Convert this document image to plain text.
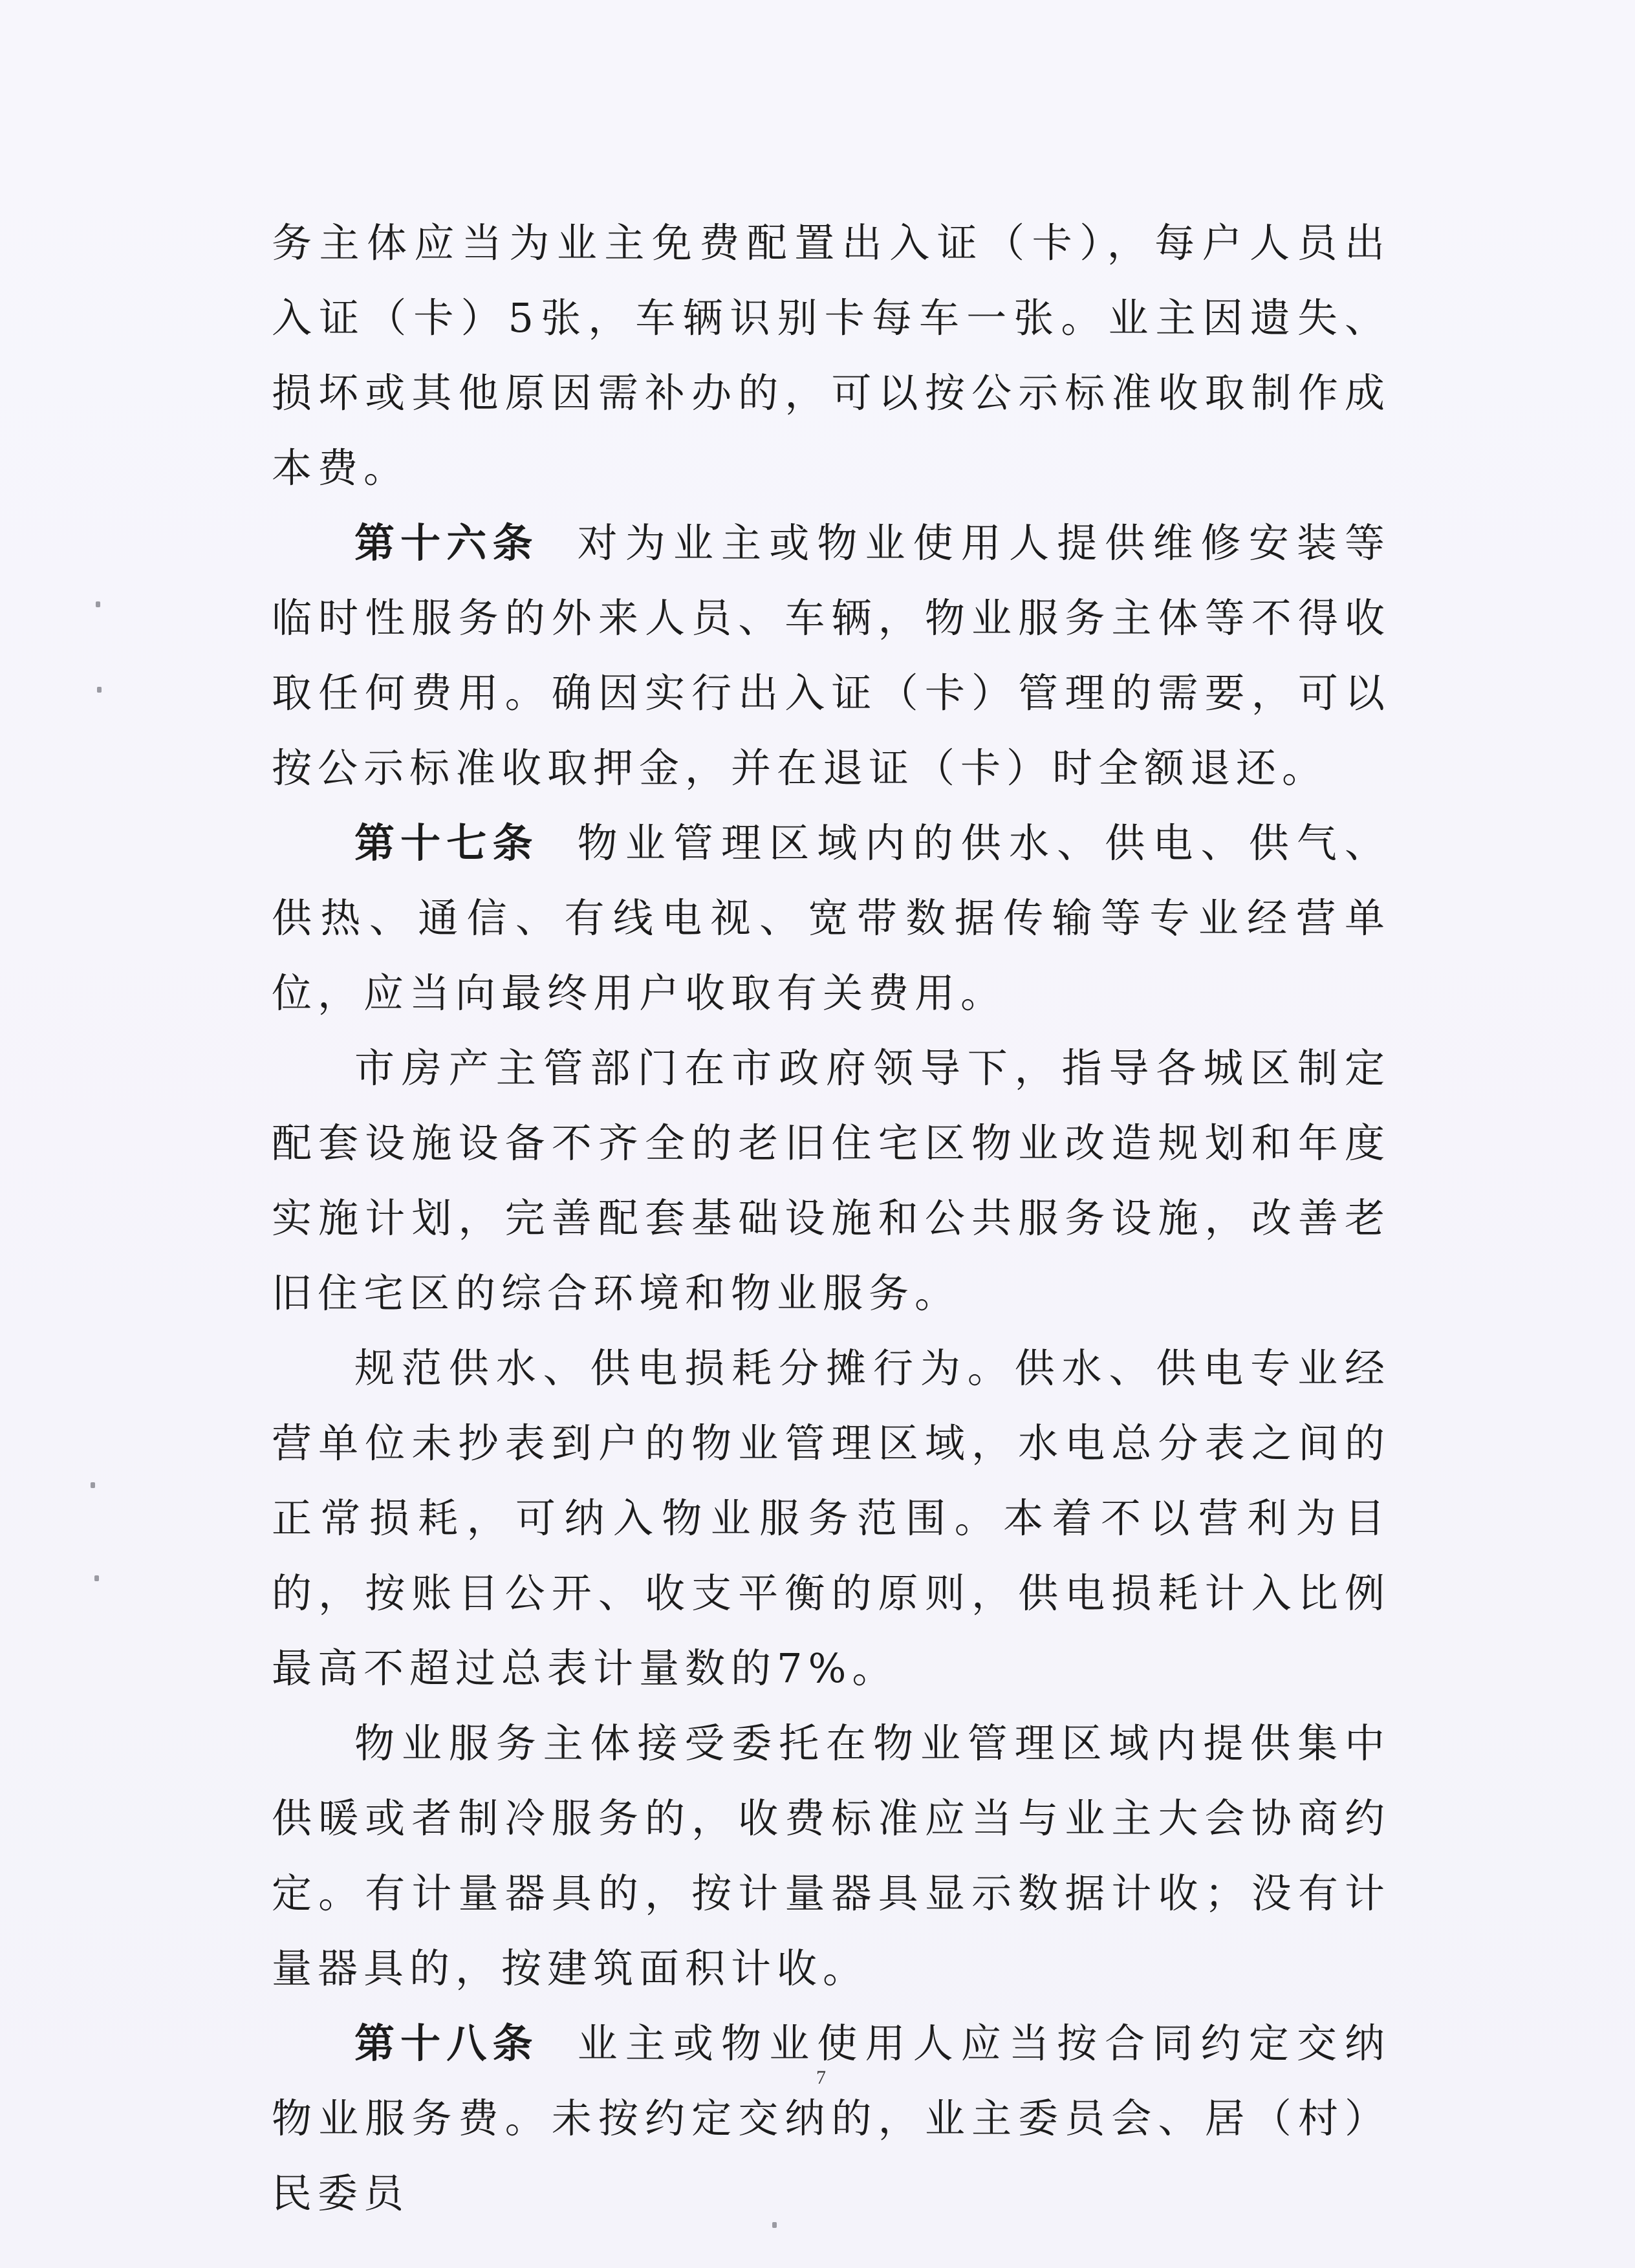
务主体应当为业主免费配置出入证（卡），每户人员出入证（卡）5张，车辆识别卡每车一张。业主因遗失、损坏或其他原因需补办的，可以按公示标准收取制作成本费。

第十六条 对为业主或物业使用人提供维修安装等临时性服务的外来人员、车辆，物业服务主体等不得收取任何费用。确因实行出入证（卡）管理的需要，可以按公示标准收取押金，并在退证（卡）时全额退还。

第十七条 物业管理区域内的供水、供电、供气、供热、通信、有线电视、宽带数据传输等专业经营单位，应当向最终用户收取有关费用。

市房产主管部门在市政府领导下，指导各城区制定配套设施设备不齐全的老旧住宅区物业改造规划和年度实施计划，完善配套基础设施和公共服务设施，改善老旧住宅区的综合环境和物业服务。

规范供水、供电损耗分摊行为。供水、供电专业经营单位未抄表到户的物业管理区域，水电总分表之间的正常损耗，可纳入物业服务范围。本着不以营利为目的，按账目公开、收支平衡的原则，供电损耗计入比例最高不超过总表计量数的7%。

物业服务主体接受委托在物业管理区域内提供集中供暖或者制冷服务的，收费标准应当与业主大会协商约定。有计量器具的，按计量器具显示数据计收；没有计量器具的，按建筑面积计收。

第十八条 业主或物业使用人应当按合同约定交纳物业服务费。未按约定交纳的，业主委员会、居（村）民委员

7
